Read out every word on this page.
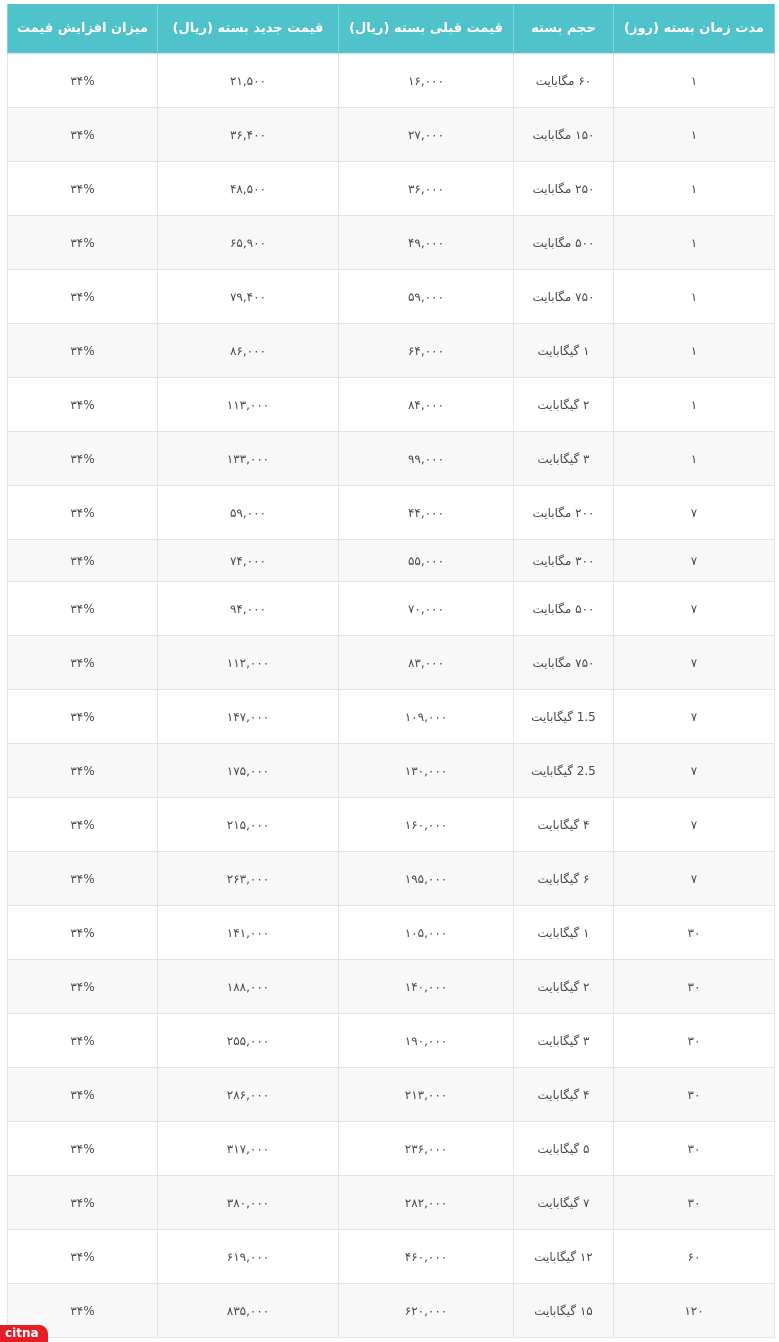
مدت زمان بسته (روز)	حجم بسته	قیمت قبلی بسته (ریال)	قیمت جدید بسته (ریال)	میزان افزایش قیمت
۱	۶۰ مگابایت	۱۶,۰۰۰	۲۱,۵۰۰	۳۴%
۱	۱۵۰ مگابایت	۲۷,۰۰۰	۳۶,۴۰۰	۳۴%
۱	۲۵۰ مگابایت	۳۶,۰۰۰	۴۸,۵۰۰	۳۴%
۱	۵۰۰ مگابایت	۴۹,۰۰۰	۶۵,۹۰۰	۳۴%
۱	۷۵۰ مگابایت	۵۹,۰۰۰	۷۹,۴۰۰	۳۴%
۱	۱ گیگابایت	۶۴,۰۰۰	۸۶,۰۰۰	۳۴%
۱	۲ گیگابایت	۸۴,۰۰۰	۱۱۳,۰۰۰	۳۴%
۱	۳ گیگابایت	۹۹,۰۰۰	۱۳۳,۰۰۰	۳۴%
۷	۲۰۰ مگابایت	۴۴,۰۰۰	۵۹,۰۰۰	۳۴%
۷	۳۰۰ مگابایت	۵۵,۰۰۰	۷۴,۰۰۰	۳۴%
۷	۵۰۰ مگابایت	۷۰,۰۰۰	۹۴,۰۰۰	۳۴%
۷	۷۵۰ مگابایت	۸۳,۰۰۰	۱۱۲,۰۰۰	۳۴%
۷	1.5 گیگابایت	۱۰۹,۰۰۰	۱۴۷,۰۰۰	۳۴%
۷	2.5 گیگابایت	۱۳۰,۰۰۰	۱۷۵,۰۰۰	۳۴%
۷	۴ گیگابایت	۱۶۰,۰۰۰	۲۱۵,۰۰۰	۳۴%
۷	۶ گیگابایت	۱۹۵,۰۰۰	۲۶۳,۰۰۰	۳۴%
۳۰	۱ گیگابایت	۱۰۵,۰۰۰	۱۴۱,۰۰۰	۳۴%
۳۰	۲ گیگابایت	۱۴۰,۰۰۰	۱۸۸,۰۰۰	۳۴%
۳۰	۳ گیگابایت	۱۹۰,۰۰۰	۲۵۵,۰۰۰	۳۴%
۳۰	۴ گیگابایت	۲۱۳,۰۰۰	۲۸۶,۰۰۰	۳۴%
۳۰	۵ گیگابایت	۲۳۶,۰۰۰	۳۱۷,۰۰۰	۳۴%
۳۰	۷ گیگابایت	۲۸۲,۰۰۰	۳۸۰,۰۰۰	۳۴%
۶۰	۱۲ گیگابایت	۴۶۰,۰۰۰	۶۱۹,۰۰۰	۳۴%
۱۲۰	۱۵ گیگابایت	۶۲۰,۰۰۰	۸۳۵,۰۰۰	۳۴%
citna
